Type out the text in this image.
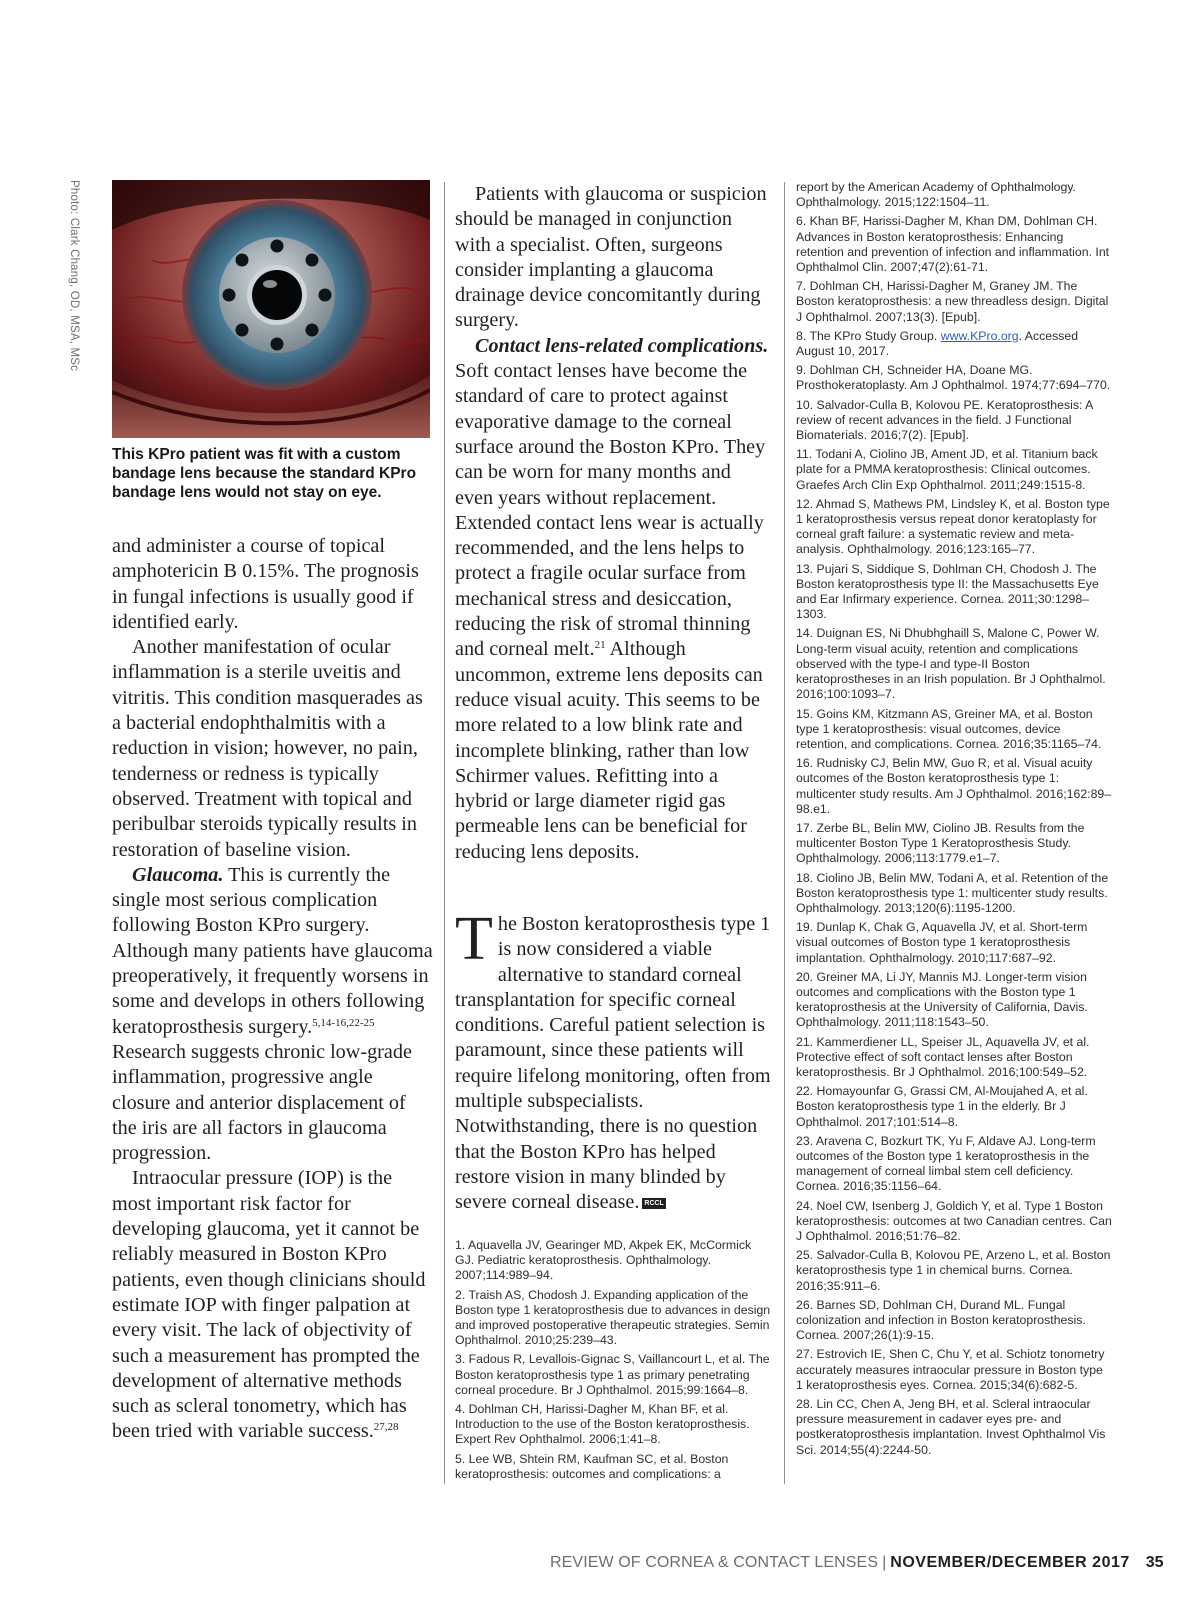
Photo: Clark Chang, OD, MSA, MSc
This KPro patient was fit with a custom bandage lens because the standard KPro bandage lens would not stay on eye.

and administer a course of topical amphotericin B 0.15%. The prognosis in fungal infections is usually good if identified early.

Another manifestation of ocular inflammation is a sterile uveitis and vitritis. This condition masquerades as a bacterial endophthalmitis with a reduction in vision; however, no pain, tenderness or redness is typically observed. Treatment with topical and peribulbar steroids typically results in restoration of baseline vision.

Glaucoma. This is currently the single most serious complication following Boston KPro surgery. Although many patients have glaucoma preoperatively, it frequently worsens in some and develops in others following keratoprosthesis surgery.$^{5,14-16,22-25}$ Research suggests chronic low-grade inflammation, progressive angle closure and anterior displacement of the iris are all factors in glaucoma progression.

Intraocular pressure (IOP) is the most important risk factor for developing glaucoma, yet it cannot be reliably measured in Boston KPro patients, even though clinicians should estimate IOP with finger palpation at every visit. The lack of objectivity of such a measurement has prompted the development of alternative methods such as scleral tonometry, which has been tried with variable success.$^{27,28}$

Patients with glaucoma or suspicion should be managed in conjunction with a specialist. Often, surgeons consider implanting a glaucoma drainage device concomitantly during surgery.

Contact lens-related complications. Soft contact lenses have become the standard of care to protect against evaporative damage to the corneal surface around the Boston KPro. They can be worn for many months and even years without replacement. Extended contact lens wear is actually recommended, and the lens helps to protect a fragile ocular surface from mechanical stress and desiccation, reducing the risk of stromal thinning and corneal melt.$^{21}$ Although uncommon, extreme lens deposits can reduce visual acuity. This seems to be more related to a low blink rate and incomplete blinking, rather than low Schirmer values. Refitting into a hybrid or large diameter rigid gas permeable lens can be beneficial for reducing lens deposits.

The Boston keratoprosthesis type 1 is now considered a viable alternative to standard corneal transplantation for specific corneal conditions. Careful patient selection is paramount, since these patients will require lifelong monitoring, often from multiple subspecialists. Notwithstanding, there is no question that the Boston KPro has helped restore vision in many blinded by severe corneal disease. RCCL

1. Aquavella JV, Gearinger MD, Akpek EK, McCormick GJ. Pediatric keratoprosthesis. Ophthalmology. 2007;114:989–94.

2. Traish AS, Chodosh J. Expanding application of the Boston type 1 keratoprosthesis due to advances in design and improved postoperative therapeutic strategies. Semin Ophthalmol. 2010;25:239–43.

3. Fadous R, Levallois-Gignac S, Vaillancourt L, et al. The Boston keratoprosthesis type 1 as primary penetrating corneal procedure. Br J Ophthalmol. 2015;99:1664–8.

4. Dohlman CH, Harissi-Dagher M, Khan BF, et al. Introduction to the use of the Boston keratoprosthesis. Expert Rev Ophthalmol. 2006;1:41–8.

5. Lee WB, Shtein RM, Kaufman SC, et al. Boston keratoprosthesis: outcomes and complications: a

report by the American Academy of Ophthalmology. Ophthalmology. 2015;122:1504–11.

6. Khan BF, Harissi-Dagher M, Khan DM, Dohlman CH. Advances in Boston keratoprosthesis: Enhancing retention and prevention of infection and inflammation. Int Ophthalmol Clin. 2007;47(2):61-71.

7. Dohlman CH, Harissi-Dagher M, Graney JM. The Boston keratoprosthesis: a new threadless design. Digital J Ophthalmol. 2007;13(3). [Epub].

8. The KPro Study Group. www.KPro.org. Accessed August 10, 2017.

9. Dohlman CH, Schneider HA, Doane MG. Prosthokeratoplasty. Am J Ophthalmol. 1974;77:694–770.

10. Salvador-Culla B, Kolovou PE. Keratoprosthesis: A review of recent advances in the field. J Functional Biomaterials. 2016;7(2). [Epub].

11. Todani A, Ciolino JB, Ament JD, et al. Titanium back plate for a PMMA keratoprosthesis: Clinical outcomes. Graefes Arch Clin Exp Ophthalmol. 2011;249:1515-8.

12. Ahmad S, Mathews PM, Lindsley K, et al. Boston type 1 keratoprosthesis versus repeat donor keratoplasty for corneal graft failure: a systematic review and meta-analysis. Ophthalmology. 2016;123:165–77.

13. Pujari S, Siddique S, Dohlman CH, Chodosh J. The Boston keratoprosthesis type II: the Massachusetts Eye and Ear Infirmary experience. Cornea. 2011;30:1298–1303.

14. Duignan ES, Ni Dhubhghaill S, Malone C, Power W. Long-term visual acuity, retention and complications observed with the type-I and type-II Boston keratoprostheses in an Irish population. Br J Ophthalmol. 2016;100:1093–7.

15. Goins KM, Kitzmann AS, Greiner MA, et al. Boston type 1 keratoprosthesis: visual outcomes, device retention, and complications. Cornea. 2016;35:1165–74.

16. Rudnisky CJ, Belin MW, Guo R, et al. Visual acuity outcomes of the Boston keratoprosthesis type 1: multicenter study results. Am J Ophthalmol. 2016;162:89–98.e1.

17. Zerbe BL, Belin MW, Ciolino JB. Results from the multicenter Boston Type 1 Keratoprosthesis Study. Ophthalmology. 2006;113:1779.e1–7.

18. Ciolino JB, Belin MW, Todani A, et al. Retention of the Boston keratoprosthesis type 1: multicenter study results. Ophthalmology. 2013;120(6):1195-1200.

19. Dunlap K, Chak G, Aquavella JV, et al. Short-term visual outcomes of Boston type 1 keratoprosthesis implantation. Ophthalmology. 2010;117:687–92.

20. Greiner MA, Li JY, Mannis MJ. Longer-term vision outcomes and complications with the Boston type 1 keratoprosthesis at the University of California, Davis. Ophthalmology. 2011;118:1543–50.

21. Kammerdiener LL, Speiser JL, Aquavella JV, et al. Protective effect of soft contact lenses after Boston keratoprosthesis. Br J Ophthalmol. 2016;100:549–52.

22. Homayounfar G, Grassi CM, Al-Moujahed A, et al. Boston keratoprosthesis type 1 in the elderly. Br J Ophthalmol. 2017;101:514–8.

23. Aravena C, Bozkurt TK, Yu F, Aldave AJ. Long-term outcomes of the Boston type 1 keratoprosthesis in the management of corneal limbal stem cell deficiency. Cornea. 2016;35:1156–64.

24. Noel CW, Isenberg J, Goldich Y, et al. Type 1 Boston keratoprosthesis: outcomes at two Canadian centres. Can J Ophthalmol. 2016;51:76–82.

25. Salvador-Culla B, Kolovou PE, Arzeno L, et al. Boston keratoprosthesis type 1 in chemical burns. Cornea. 2016;35:911–6.

26. Barnes SD, Dohlman CH, Durand ML. Fungal colonization and infection in Boston keratoprosthesis. Cornea. 2007;26(1):9-15.

27. Estrovich IE, Shen C, Chu Y, et al. Schiotz tonometry accurately measures intraocular pressure in Boston type 1 keratoprosthesis eyes. Cornea. 2015;34(6):682-5.

28. Lin CC, Chen A, Jeng BH, et al. Scleral intraocular pressure measurement in cadaver eyes pre- and postkeratoprosthesis implantation. Invest Ophthalmol Vis Sci. 2014;55(4):2244-50.

REVIEW OF CORNEA & CONTACT LENSES | NOVEMBER/DECEMBER 2017 35
